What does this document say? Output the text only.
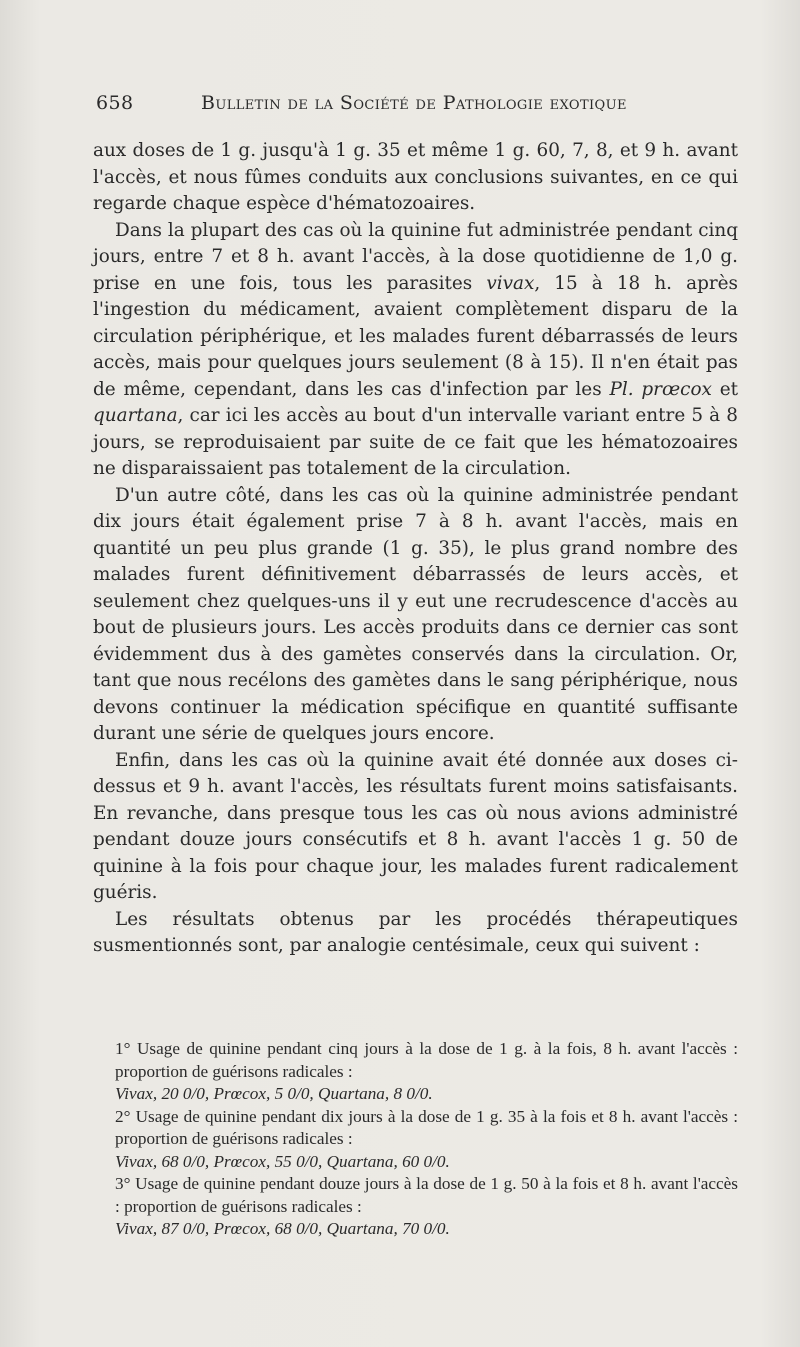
658	Bulletin de la Société de Pathologie exotique

aux doses de 1 g. jusqu'à 1 g. 35 et même 1 g. 60, 7, 8, et 9 h. avant l'accès, et nous fûmes conduits aux conclusions suivantes, en ce qui regarde chaque espèce d'hématozoaires.

Dans la plupart des cas où la quinine fut administrée pendant cinq jours, entre 7 et 8 h. avant l'accès, à la dose quotidienne de 1,0 g. prise en une fois, tous les parasites vivax, 15 à 18 h. après l'ingestion du médicament, avaient complètement disparu de la circulation périphérique, et les malades furent débarrassés de leurs accès, mais pour quelques jours seulement (8 à 15). Il n'en était pas de même, cependant, dans les cas d'infection par les Pl. prœcox et quartana, car ici les accès au bout d'un intervalle variant entre 5 à 8 jours, se reproduisaient par suite de ce fait que les hématozoaires ne disparaissaient pas totalement de la circulation.

D'un autre côté, dans les cas où la quinine administrée pendant dix jours était également prise 7 à 8 h. avant l'accès, mais en quantité un peu plus grande (1 g. 35), le plus grand nombre des malades furent définitivement débarrassés de leurs accès, et seulement chez quelques-uns il y eut une recrudescence d'accès au bout de plusieurs jours. Les accès produits dans ce dernier cas sont évidemment dus à des gamètes conservés dans la circulation. Or, tant que nous recélons des gamètes dans le sang périphérique, nous devons continuer la médication spécifique en quantité suffisante durant une série de quelques jours encore.

Enfin, dans les cas où la quinine avait été donnée aux doses ci-dessus et 9 h. avant l'accès, les résultats furent moins satisfaisants. En revanche, dans presque tous les cas où nous avions administré pendant douze jours consécutifs et 8 h. avant l'accès 1 g. 50 de quinine à la fois pour chaque jour, les malades furent radicalement guéris.

Les résultats obtenus par les procédés thérapeutiques susmentionnés sont, par analogie centésimale, ceux qui suivent :

1° Usage de quinine pendant cinq jours à la dose de 1 g. à la fois, 8 h. avant l'accès : proportion de guérisons radicales :

Vivax, 20 0/0, Prœcox, 5 0/0, Quartana, 8 0/0.

2° Usage de quinine pendant dix jours à la dose de 1 g. 35 à la fois et 8 h. avant l'accès : proportion de guérisons radicales :

Vivax, 68 0/0, Prœcox, 55 0/0, Quartana, 60 0/0.

3° Usage de quinine pendant douze jours à la dose de 1 g. 50 à la fois et 8 h. avant l'accès : proportion de guérisons radicales :

Vivax, 87 0/0, Prœcox, 68 0/0, Quartana, 70 0/0.
